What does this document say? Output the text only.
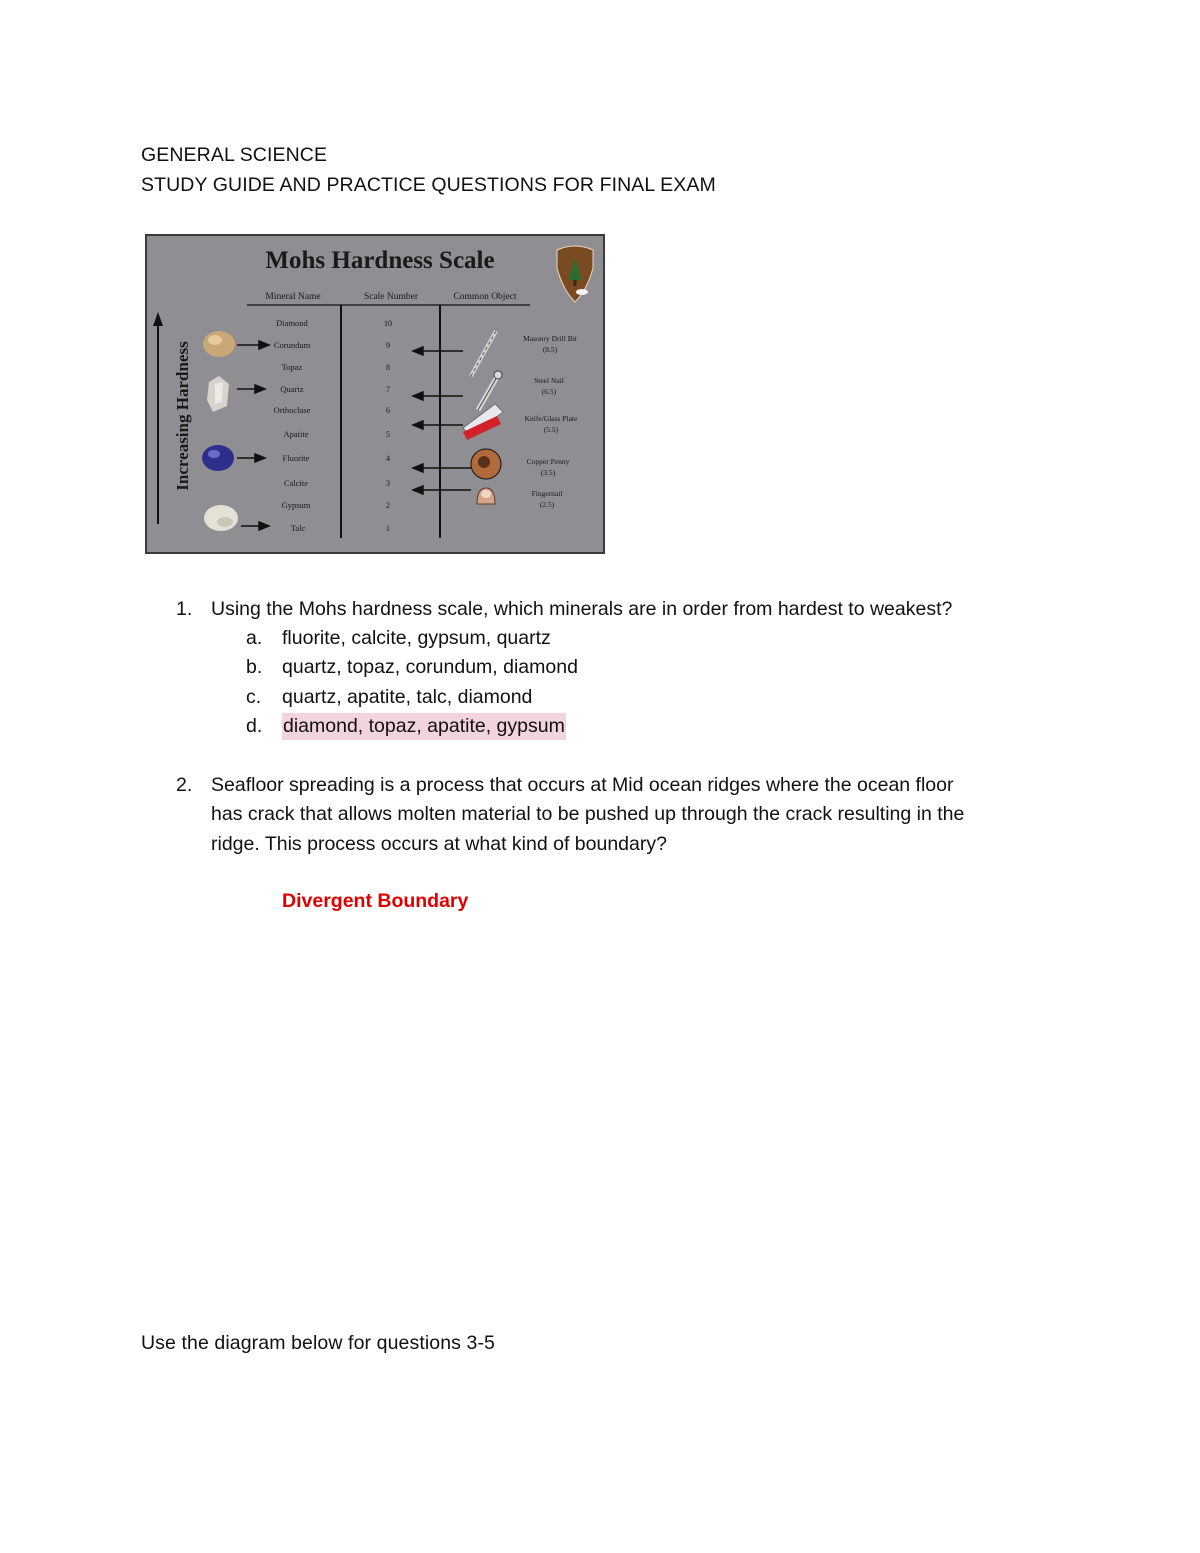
GENERAL SCIENCE
STUDY GUIDE AND PRACTICE QUESTIONS FOR FINAL EXAM
Mohs Hardness Scale
Mineral Name	Scale Number	Common Object
Increasing Hardness
Diamond
Corundum
Topaz
Quartz
Orthoclase
Apatite
Fluorite
Calcite
Gypsum
Talc
10
9
8
7
6
5
4
3
2
1
Masonry Drill Bit
(8.5)
Steel Nail
(6.5)
Knife/Glass Plate
(5.5)
Copper Penny
(3.5)
Fingernail
(2.5)
1. Using the Mohs hardness scale, which minerals are in order from hardest to weakest?
a. fluorite, calcite, gypsum, quartz
b. quartz, topaz, corundum, diamond
c. quartz, apatite, talc, diamond
d. diamond, topaz, apatite, gypsum
2. Seafloor spreading is a process that occurs at Mid ocean ridges where the ocean floor
has crack that allows molten material to be pushed up through the crack resulting in the
ridge. This process occurs at what kind of boundary?
Divergent Boundary
Use the diagram below for questions 3-5
